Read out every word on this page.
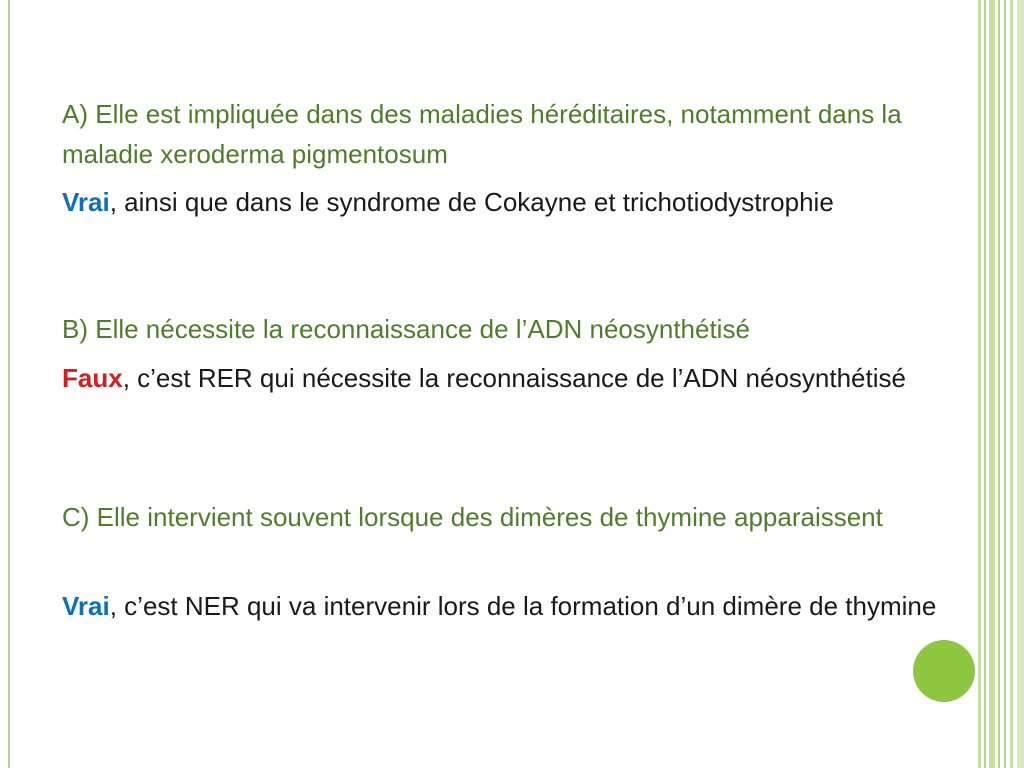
A) Elle est impliquée dans des maladies héréditaires, notamment dans la maladie xeroderma pigmentosum

Vrai, ainsi que dans le syndrome de Cokayne et trichotiodystrophie

B) Elle nécessite la reconnaissance de l’ADN néosynthétisé

Faux, c’est RER qui nécessite la reconnaissance de l’ADN néosynthétisé

C) Elle intervient souvent lorsque des dimères de thymine apparaissent

Vrai, c’est NER qui va intervenir lors de la formation d’un dimère de thymine
